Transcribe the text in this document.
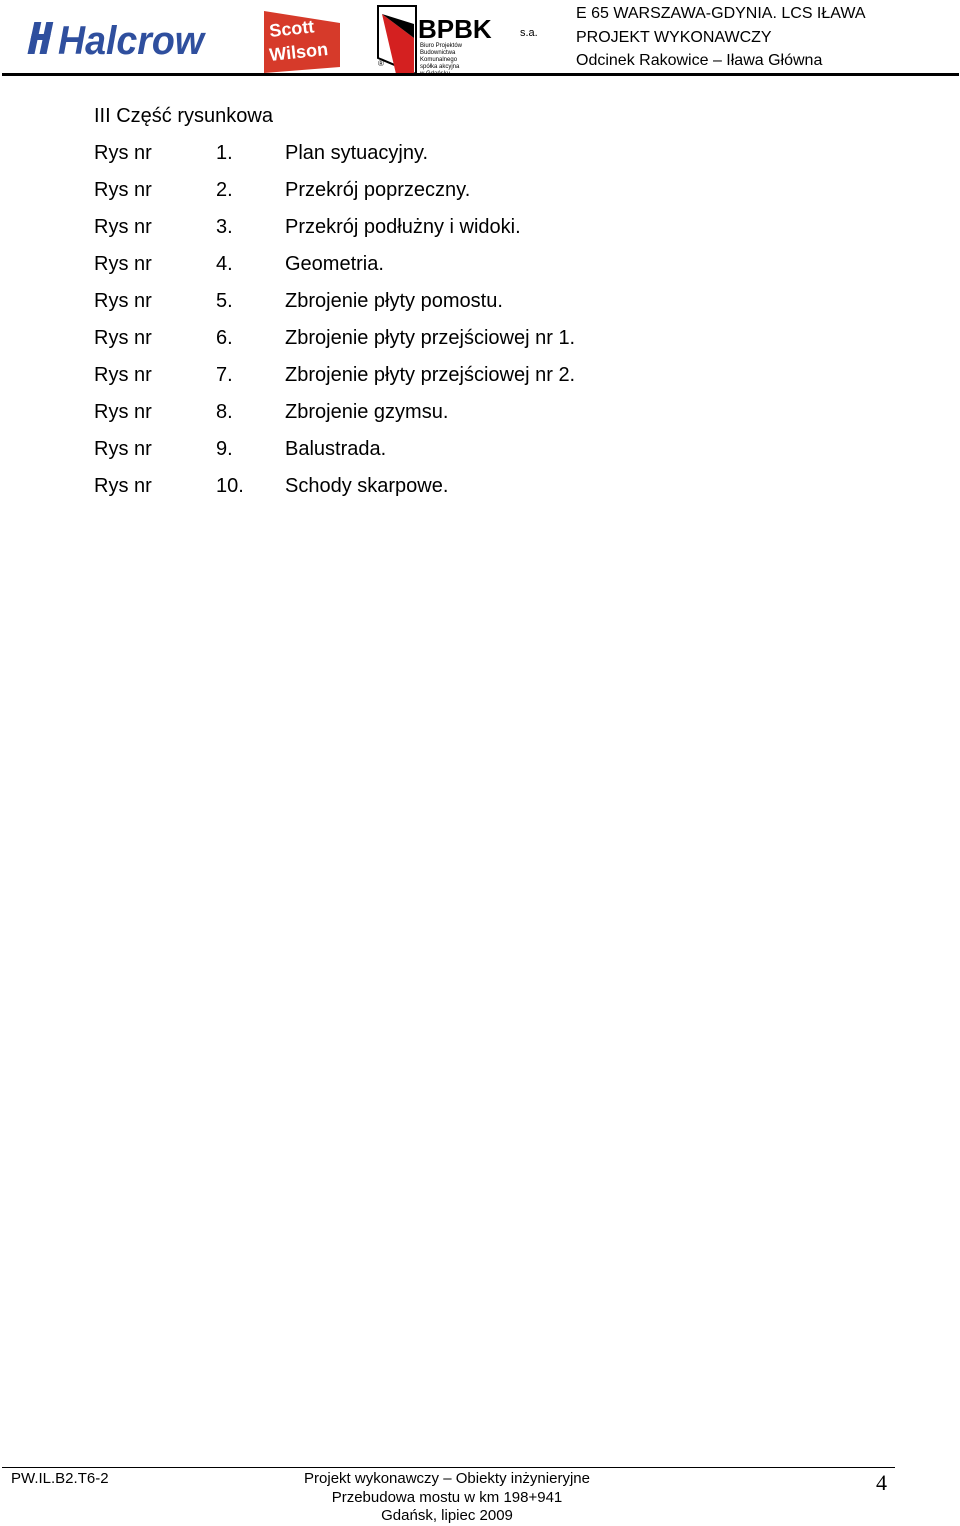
Halcrow	Scott
Wilson
BPBK	s.a.
Biuro Projektów
Budownictwa
Komunalnego
spółka akcyjna
®
E 65 WARSZAWA-GDYNIA. LCS IŁAWA
PROJEKT WYKONAWCZY
Odcinek Rakowice – Iława Główna
III Część rysunkowa
Rys nr	1.	Plan sytuacyjny.
Rys nr	2.	Przekrój poprzeczny.
Rys nr	3.	Przekrój podłużny i widoki.
Rys nr	4.	Geometria.
Rys nr	5.	Zbrojenie płyty pomostu.
Rys nr	6.	Zbrojenie płyty przejściowej nr 1.
Rys nr	7.	Zbrojenie płyty przejściowej nr 2.
Rys nr	8.	Zbrojenie gzymsu.
Rys nr	9.	Balustrada.
Rys nr	10. Schody skarpowe.
PW.IL.B2.T6-2	Projekt wykonawczy – Obiekty inżynieryjne
Przebudowa mostu w km 198+941
Gdańsk, lipiec 2009
4
